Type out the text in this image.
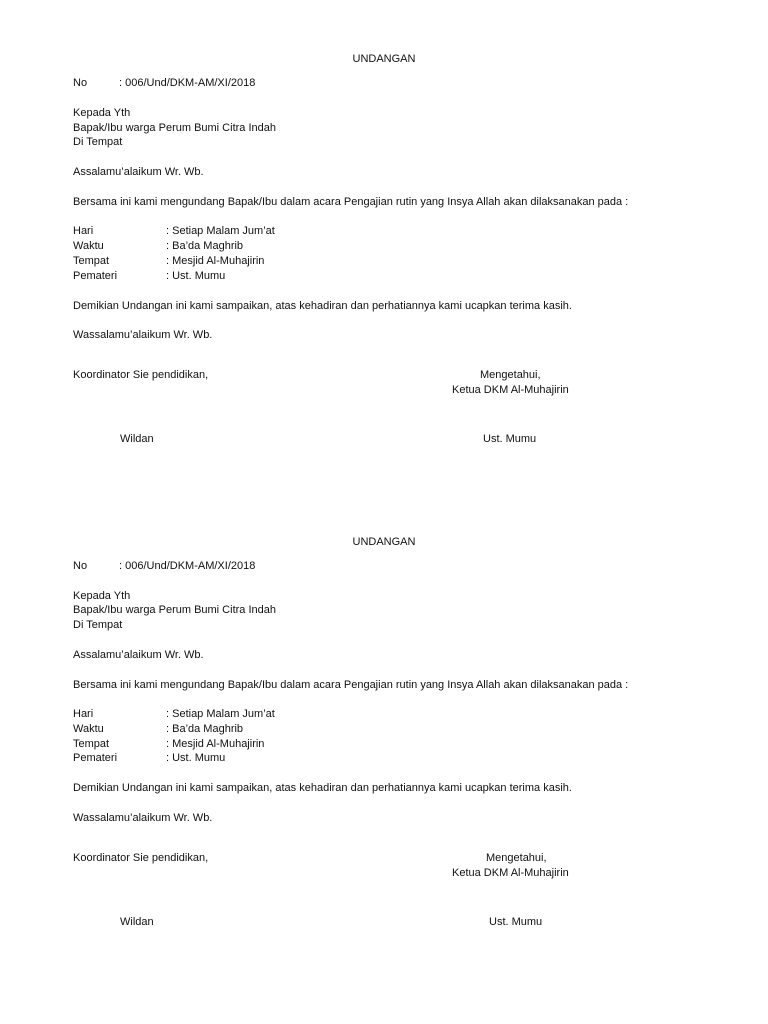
UNDANGAN
No	: 006/Und/DKM-AM/XI/2018
Kepada Yth
Bapak/Ibu warga Perum Bumi Citra Indah
Di Tempat
Assalamu’alaikum Wr. Wb.
Bersama ini kami mengundang Bapak/Ibu dalam acara Pengajian rutin yang Insya Allah akan dilaksanakan pada :
Hari	: Setiap Malam Jum’at
Waktu	: Ba’da Maghrib
Tempat	: Mesjid Al-Muhajirin
Pemateri	: Ust. Mumu
Demikian Undangan ini kami sampaikan, atas kehadiran dan perhatiannya kami ucapkan terima kasih.
Wassalamu’alaikum Wr. Wb.
Koordinator Sie pendidikan,	Mengetahui,
Ketua DKM Al-Muhajirin
Wildan	Ust. Mumu
UNDANGAN
No	: 006/Und/DKM-AM/XI/2018
Kepada Yth
Bapak/Ibu warga Perum Bumi Citra Indah
Di Tempat
Assalamu’alaikum Wr. Wb.
Bersama ini kami mengundang Bapak/Ibu dalam acara Pengajian rutin yang Insya Allah akan dilaksanakan pada :
Hari	: Setiap Malam Jum’at
Waktu	: Ba’da Maghrib
Tempat	: Mesjid Al-Muhajirin
Pemateri	: Ust. Mumu
Demikian Undangan ini kami sampaikan, atas kehadiran dan perhatiannya kami ucapkan terima kasih.
Wassalamu’alaikum Wr. Wb.
Koordinator Sie pendidikan,	Mengetahui,
Ketua DKM Al-Muhajirin
Wildan	Ust. Mumu
